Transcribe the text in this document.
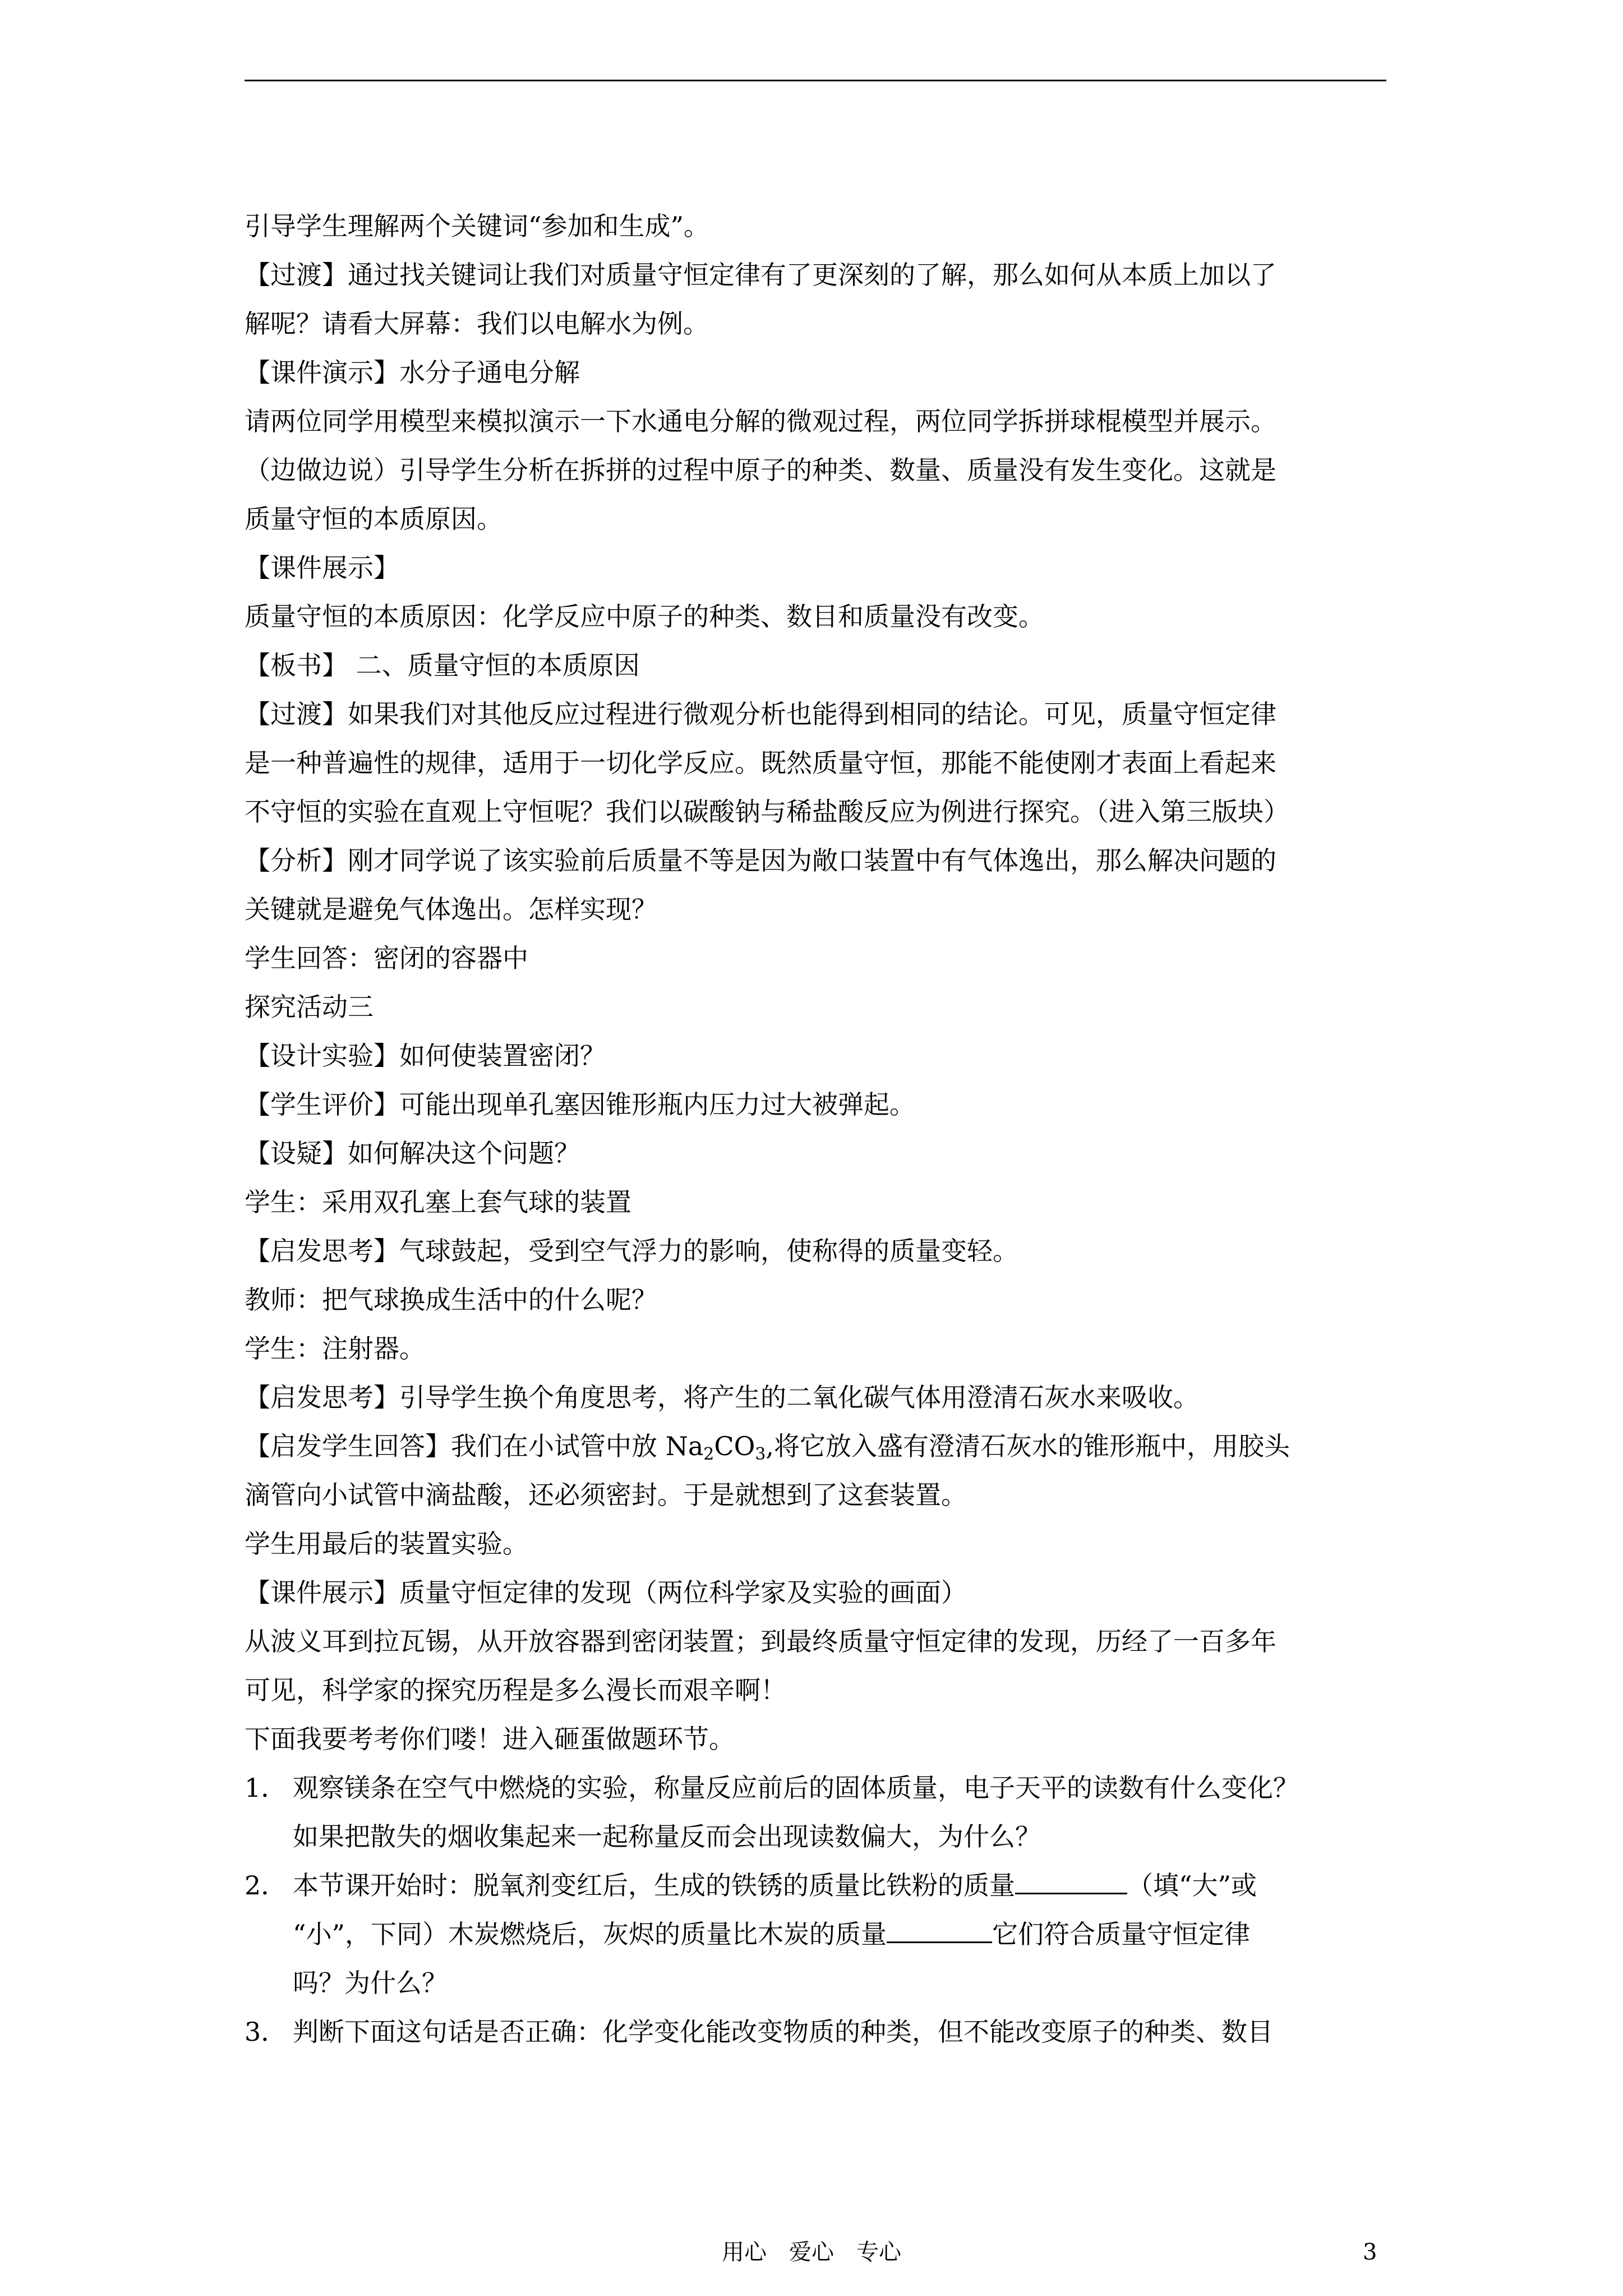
引导学生理解两个关键词“参加和生成”。
【过渡】通过找关键词让我们对质量守恒定律有了更深刻的了解，那么如何从本质上加以了
解呢？请看大屏幕：我们以电解水为例。
【课件演示】水分子通电分解
请两位同学用模型来模拟演示一下水通电分解的微观过程，两位同学拆拼球棍模型并展示。
（边做边说）引导学生分析在拆拼的过程中原子的种类、数量、质量没有发生变化。这就是
质量守恒的本质原因。
【课件展示】
质量守恒的本质原因：化学反应中原子的种类、数目和质量没有改变。
【板书】 二、质量守恒的本质原因
【过渡】如果我们对其他反应过程进行微观分析也能得到相同的结论。可见，质量守恒定律
是一种普遍性的规律，适用于一切化学反应。既然质量守恒，那能不能使刚才表面上看起来
不守恒的实验在直观上守恒呢？我们以碳酸钠与稀盐酸反应为例进行探究。（进入第三版块）
【分析】刚才同学说了该实验前后质量不等是因为敞口装置中有气体逸出，那么解决问题的
关键就是避免气体逸出。怎样实现？
学生回答：密闭的容器中
探究活动三
【设计实验】如何使装置密闭？
【学生评价】可能出现单孔塞因锥形瓶内压力过大被弹起。
【设疑】如何解决这个问题？
学生：采用双孔塞上套气球的装置
【启发思考】气球鼓起，受到空气浮力的影响，使称得的质量变轻。
教师：把气球换成生活中的什么呢？
学生：注射器。
【启发思考】引导学生换个角度思考，将产生的二氧化碳气体用澄清石灰水来吸收。
【启发学生回答】我们在小试管中放 $Na_2CO_3$,将它放入盛有澄清石灰水的锥形瓶中，用胶头
滴管向小试管中滴盐酸，还必须密封。于是就想到了这套装置。
学生用最后的装置实验。
【课件展示】质量守恒定律的发现（两位科学家及实验的画面）
从波义耳到拉瓦锡，从开放容器到密闭装置；到最终质量守恒定律的发现，历经了一百多年
可见，科学家的探究历程是多么漫长而艰辛啊！
下面我要考考你们喽！进入砸蛋做题环节。
1． 观察镁条在空气中燃烧的实验，称量反应前后的固体质量，电子天平的读数有什么变化？
如果把散失的烟收集起来一起称量反而会出现读数偏大，为什么？
2． 本节课开始时：脱氧剂变红后，生成的铁锈的质量比铁粉的质量	（填“大”或
“小”，下同）木炭燃烧后，灰烬的质量比木炭的质量	它们符合质量守恒定律
吗？为什么？
3． 判断下面这句话是否正确：化学变化能改变物质的种类，但不能改变原子的种类、数目
用心　爱心　专心	3
